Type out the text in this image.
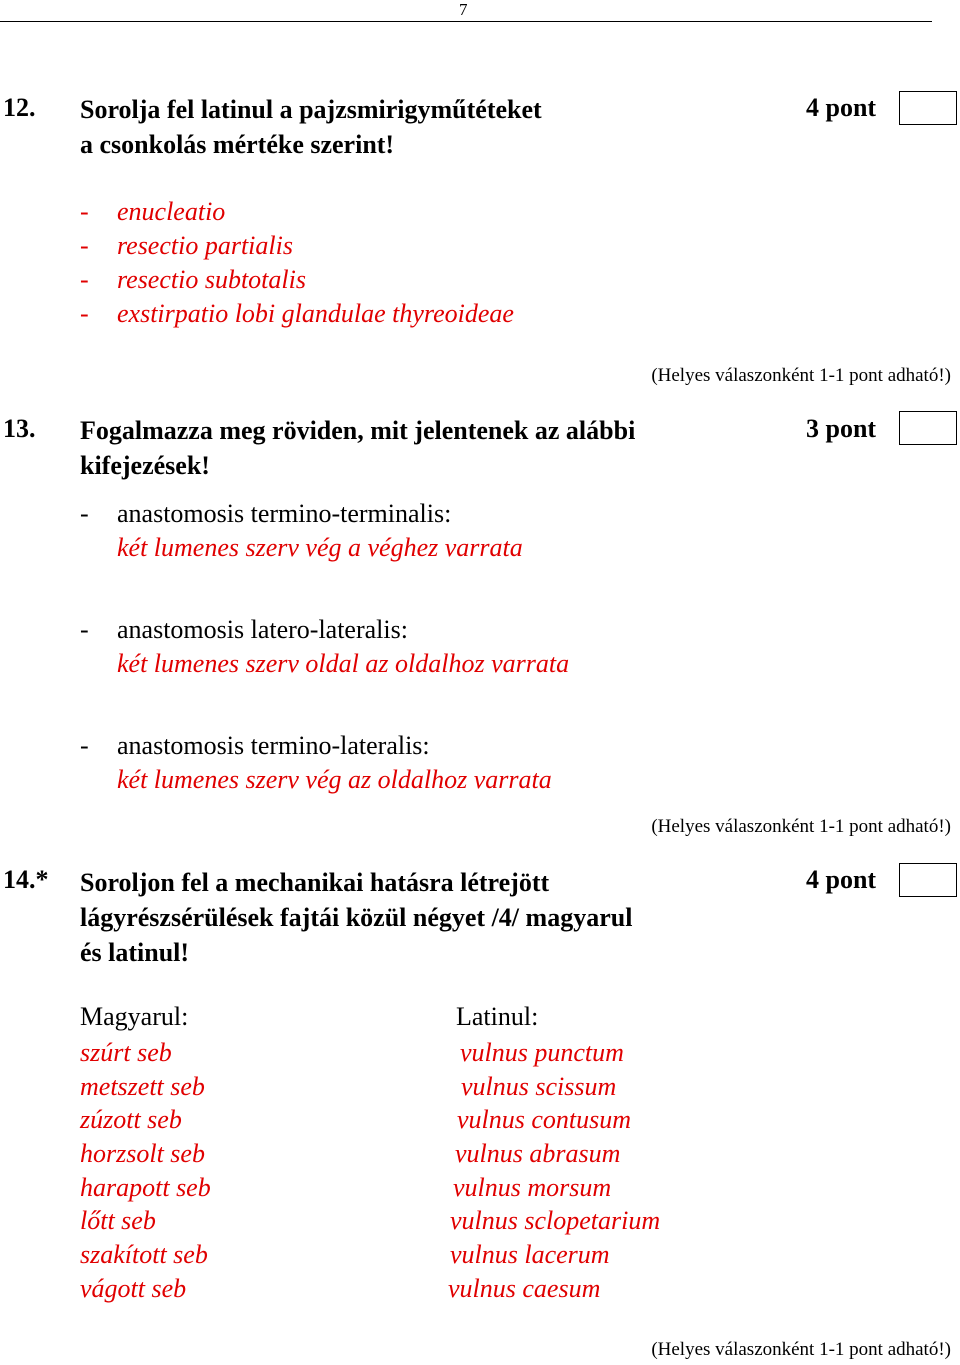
7
12. Sorolja fel latinul a pajzsmirigyműtéteket
a csonkolás mértéke szerint!
4 pont
- enucleatio
- resectio partialis
- resectio subtotalis
- exstirpatio lobi glandulae thyreoideae
(Helyes válaszonként 1-1 pont adható!)
13. Fogalmazza meg röviden, mit jelentenek az alábbi
kifejezések!
3 pont
- anastomosis termino-terminalis:
két lumenes szerv vég a véghez varrata
- anastomosis latero-lateralis:
két lumenes szerv oldal az oldalhoz varrata
- anastomosis termino-lateralis:
két lumenes szerv vég az oldalhoz varrata
(Helyes válaszonként 1-1 pont adható!)
14.* Soroljon fel a mechanikai hatásra létrejött
lágyrészsérülések fajtái közül négyet /4/ magyarul
és latinul!
4 pont
Magyarul:	Latinul:
szúrt seb
metszett seb
zúzott seb
horzsolt seb
harapott seb
lőtt seb
szakított seb
vágott seb
vulnus punctum
vulnus scissum
vulnus contusum
vulnus abrasum
vulnus morsum
vulnus sclopetarium
vulnus lacerum
vulnus caesum
(Helyes válaszonként 1-1 pont adható!)
